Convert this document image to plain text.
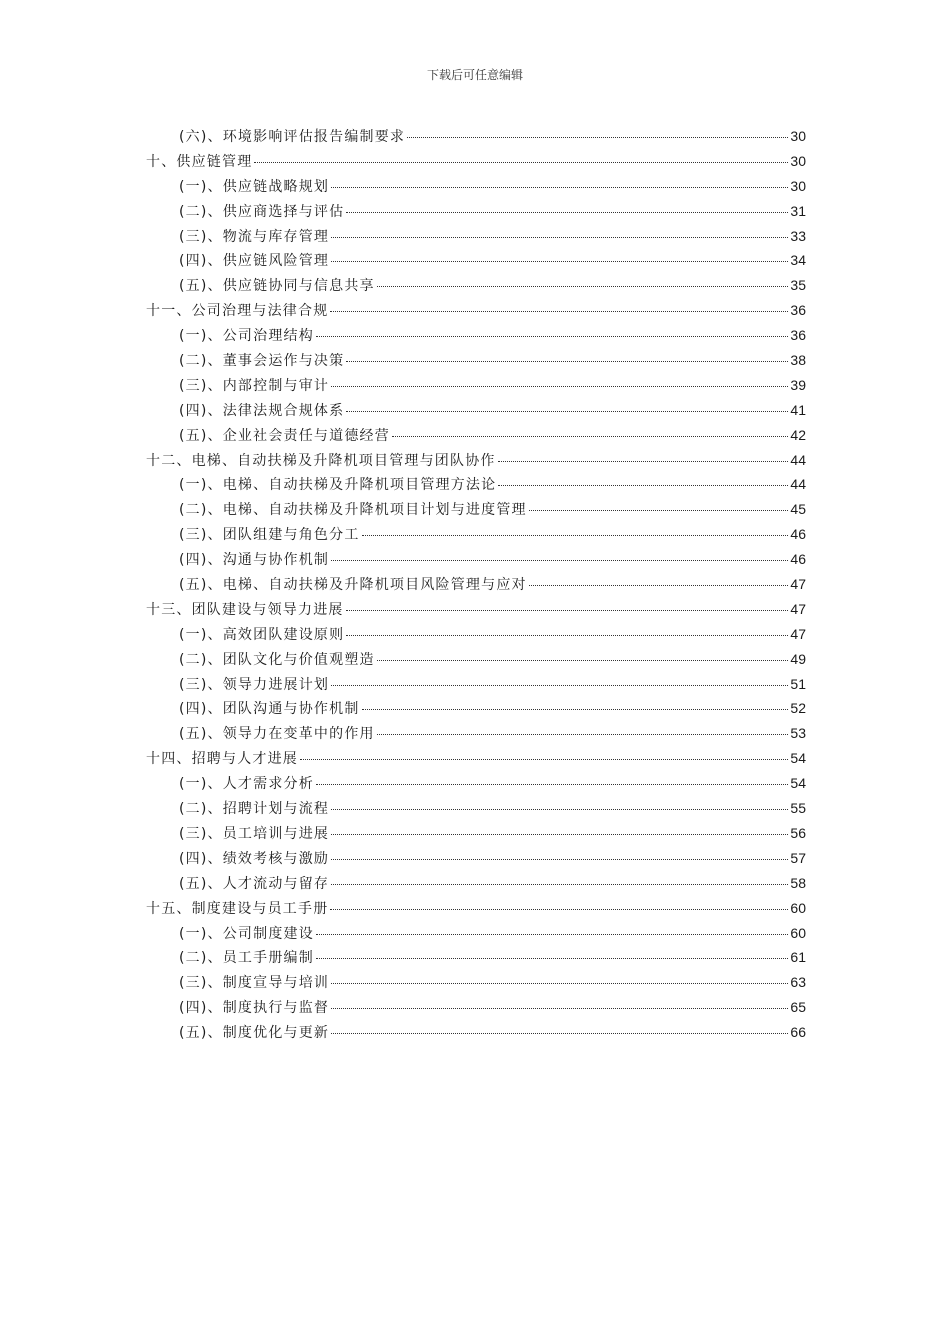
下载后可任意编辑
(六)、环境影响评估报告编制要求	30
十、供应链管理	30
(一)、供应链战略规划	30
(二)、供应商选择与评估	31
(三)、物流与库存管理	33
(四)、供应链风险管理	34
(五)、供应链协同与信息共享	35
十一、公司治理与法律合规	36
(一)、公司治理结构	36
(二)、董事会运作与决策	38
(三)、内部控制与审计	39
(四)、法律法规合规体系	41
(五)、企业社会责任与道德经营	42
十二、电梯、自动扶梯及升降机项目管理与团队协作	44
(一)、电梯、自动扶梯及升降机项目管理方法论	44
(二)、电梯、自动扶梯及升降机项目计划与进度管理	45
(三)、团队组建与角色分工	46
(四)、沟通与协作机制	46
(五)、电梯、自动扶梯及升降机项目风险管理与应对	47
十三、团队建设与领导力进展	47
(一)、高效团队建设原则	47
(二)、团队文化与价值观塑造	49
(三)、领导力进展计划	51
(四)、团队沟通与协作机制	52
(五)、领导力在变革中的作用	53
十四、招聘与人才进展	54
(一)、人才需求分析	54
(二)、招聘计划与流程	55
(三)、员工培训与进展	56
(四)、绩效考核与激励	57
(五)、人才流动与留存	58
十五、制度建设与员工手册	60
(一)、公司制度建设	60
(二)、员工手册编制	61
(三)、制度宣导与培训	63
(四)、制度执行与监督	65
(五)、制度优化与更新	66
